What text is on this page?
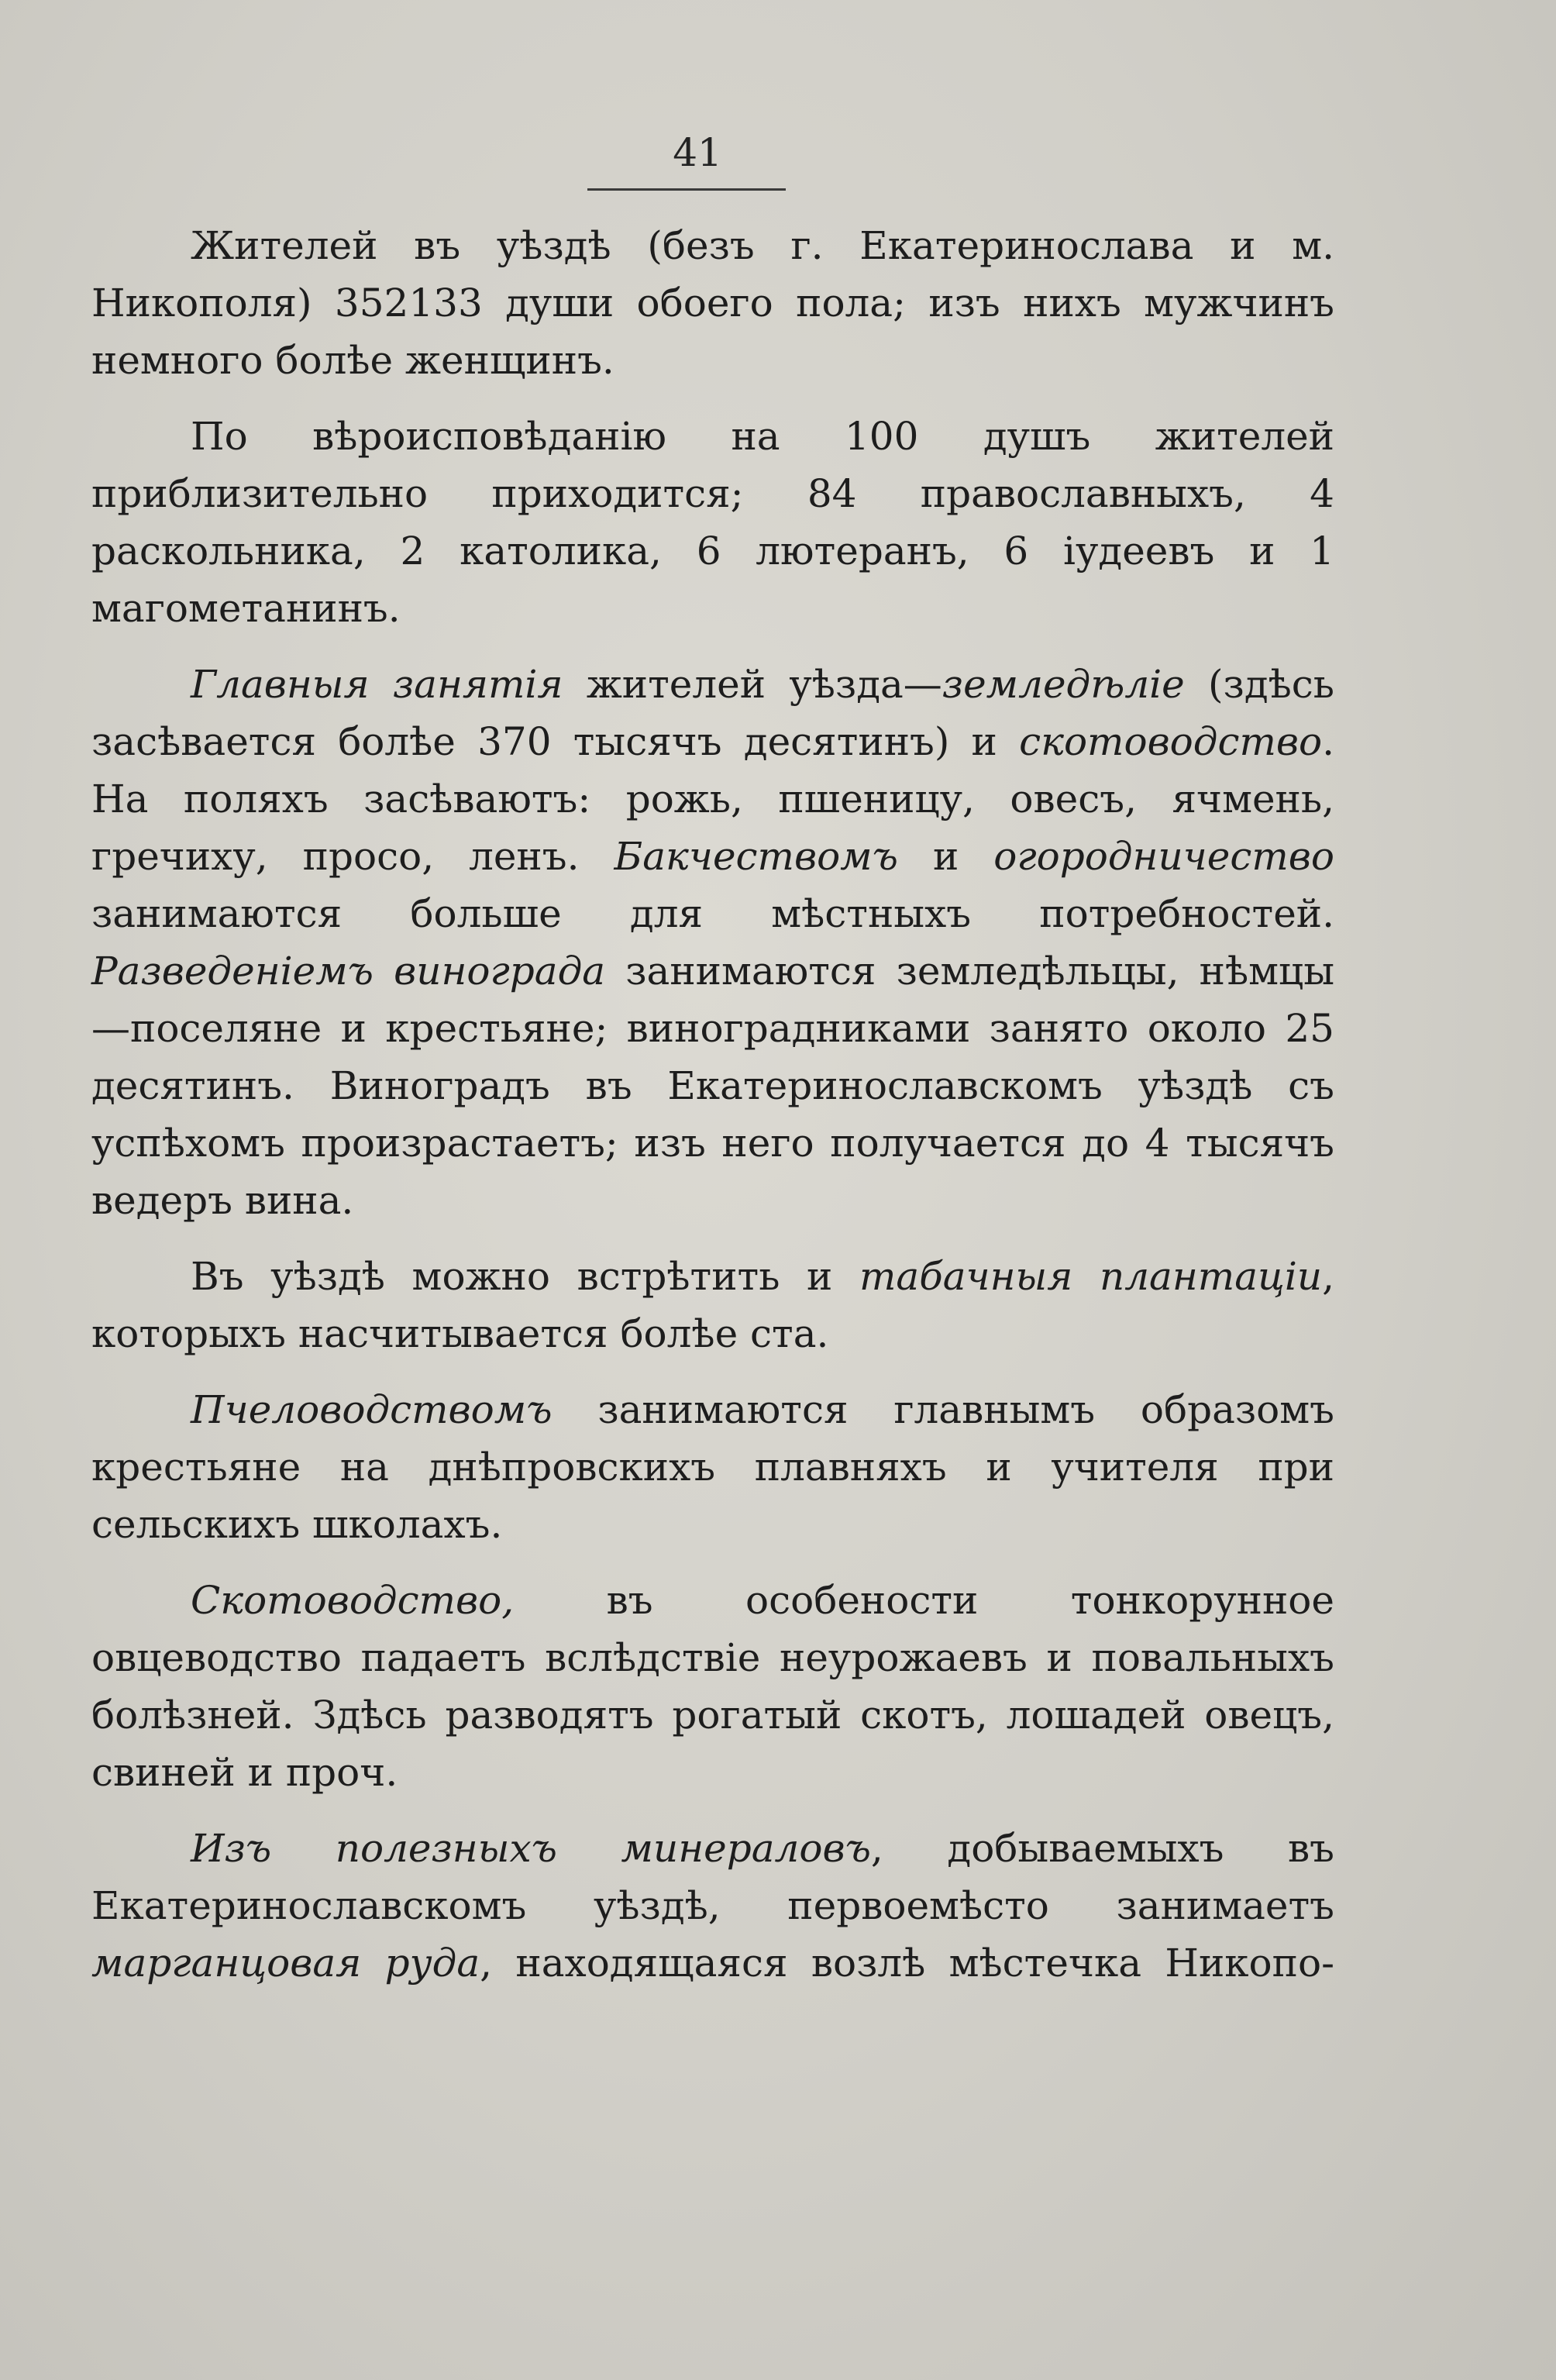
41

Жителей въ уѣздѣ (безъ г. Екатеринослава и м. Никополя) 352133 души обоего пола; изъ нихъ мужчинъ немного болѣе женщинъ.

По вѣроисповѣданію на 100 душъ жителей приблизительно приходится; 84 православныхъ, 4 раскольника, 2 католика, 6 лютеранъ, 6 іудеевъ и 1 магометанинъ.

Главныя занятія жителей уѣзда—земледѣліе (здѣсь засѣвается болѣе 370 тысячъ десятинъ) и скотоводство. На поляхъ засѣваютъ: рожь, пшеницу, овесъ, ячмень, гречиху, просо, ленъ. Бакчествомъ и огородничество занимаются больше для мѣстныхъ потребностей. Разведеніемъ винограда занимаются земледѣльцы, нѣмцы—поселяне и крестьяне; виноградниками занято около 25 десятинъ. Виноградъ въ Екатеринославскомъ уѣздѣ съ успѣхомъ произрастаетъ; изъ него получается до 4 тысячъ ведеръ вина.

Въ уѣздѣ можно встрѣтить и табачныя плантаціи, которыхъ насчитывается болѣе ста.

Пчеловодствомъ занимаются главнымъ образомъ крестьяне на днѣпровскихъ плавняхъ и учителя при сельскихъ школахъ.

Скотоводство, въ особености тонкорунное овцеводство падаетъ вслѣдствіе неурожаевъ и повальныхъ болѣзней. Здѣсь разводятъ рогатый скотъ, лошадей овецъ, свиней и проч.

Изъ полезныхъ минераловъ, добываемыхъ въ Екатеринославскомъ уѣздѣ, первоемѣсто занимаетъ марганцовая руда, находящаяся возлѣ мѣстечка Никопо-
